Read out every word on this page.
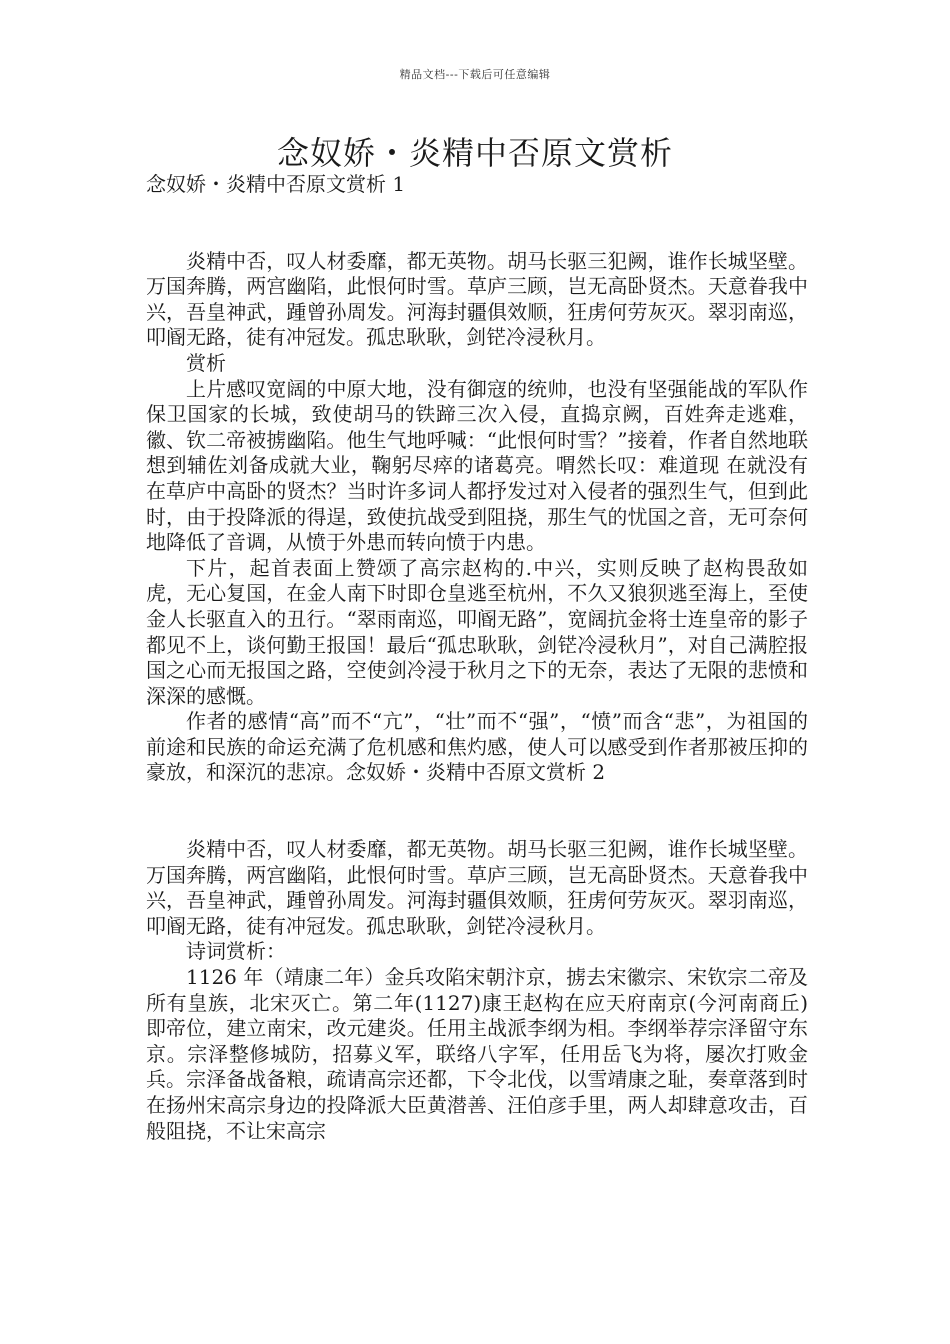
精品文档---下载后可任意编辑
念奴娇・炎精中否原文赏析

念奴娇・炎精中否原文赏析 1

炎精中否，叹人材委靡，都无英物。胡马长驱三犯阙，谁作长城坚壁。万国奔腾，两宫幽陷，此恨何时雪。草庐三顾，岂无高卧贤杰。天意眷我中兴，吾皇神武，踵曾孙周发。河海封疆俱效顺，狂虏何劳灰灭。翠羽南巡，叩阍无路，徒有冲冠发。孤忠耿耿，剑铓冷浸秋月。

赏析

上片感叹宽阔的中原大地，没有御寇的统帅，也没有坚强能战的军队作保卫国家的长城，致使胡马的铁蹄三次入侵，直捣京阙，百姓奔走逃难，徽、钦二帝被掳幽陷。他生气地呼喊：“此恨何时雪？”接着，作者自然地联想到辅佐刘备成就大业，鞠躬尽瘁的诸葛亮。喟然长叹：难道现 在就没有在草庐中高卧的贤杰？当时许多词人都抒发过对入侵者的强烈生气，但到此时，由于投降派的得逞，致使抗战受到阻挠，那生气的忧国之音，无可奈何地降低了音调，从愤于外患而转向愤于内患。

下片，起首表面上赞颂了高宗赵构的.中兴，实则反映了赵构畏敌如虎，无心复国，在金人南下时即仓皇逃至杭州，不久又狼狈逃至海上，至使金人长驱直入的丑行。“翠雨南巡，叩阍无路”，宽阔抗金将士连皇帝的影子都见不上，谈何勤王报国！最后“孤忠耿耿，剑铓冷浸秋月”，对自己满腔报国之心而无报国之路，空使剑冷浸于秋月之下的无奈，表达了无限的悲愤和深深的感慨。

作者的感情“高”而不“亢”，“壮”而不“强”，“愤”而含“悲”，为祖国的前途和民族的命运充满了危机感和焦灼感，使人可以感受到作者那被压抑的豪放，和深沉的悲凉。念奴娇・炎精中否原文赏析 2

炎精中否，叹人材委靡，都无英物。胡马长驱三犯阙，谁作长城坚壁。万国奔腾，两宫幽陷，此恨何时雪。草庐三顾，岂无高卧贤杰。天意眷我中兴，吾皇神武，踵曾孙周发。河海封疆俱效顺，狂虏何劳灰灭。翠羽南巡，叩阍无路，徒有冲冠发。孤忠耿耿，剑铓冷浸秋月。

诗词赏析：

1126 年（靖康二年）金兵攻陷宋朝汴京，掳去宋徽宗、宋钦宗二帝及所有皇族，北宋灭亡。第二年(1127)康王赵构在应天府南京(今河南商丘)即帝位，建立南宋，改元建炎。任用主战派李纲为相。李纲举荐宗泽留守东京。宗泽整修城防，招募义军，联络八字军，任用岳飞为将，屡次打败金兵。宗泽备战备粮，疏请高宗还都，下令北伐，以雪靖康之耻，奏章落到时在扬州宋高宗身边的投降派大臣黄潜善、汪伯彦手里，两人却肆意攻击，百般阻挠，不让宋高宗
